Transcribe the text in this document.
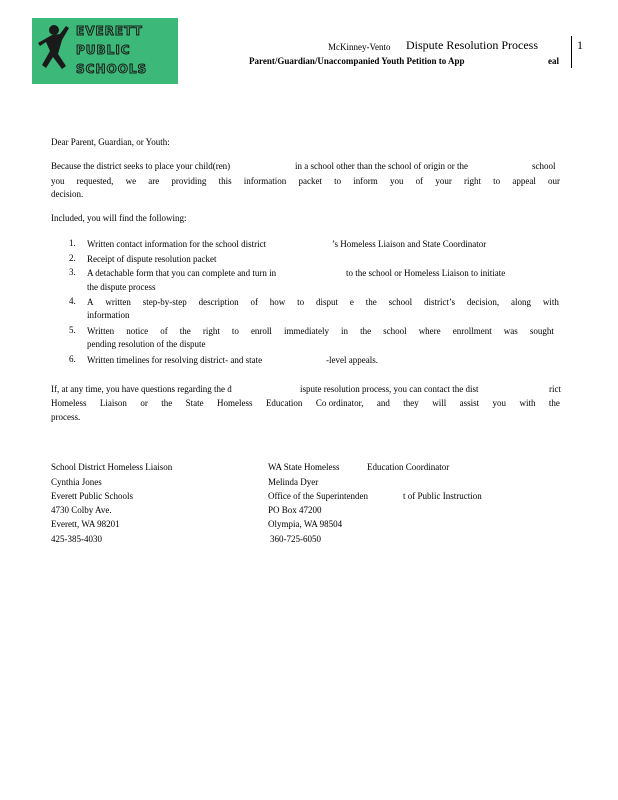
EVERETT
PUBLIC
SCHOOLS
McKinney-Vento Dispute Resolution Process	1
Parent/Guardian/Unaccompanied Youth Petition to App	eal
Dear Parent, Guardian, or Youth:
Because the district seeks to place your child(ren)	in a school other than the school of origin or the	school
you requested, we are providing this information packet to inform you of your right to appeal our
decision.
Included, you will find the following:
1. Written contact information for the school district	’s Homeless Liaison and State Coordinator
2. Receipt of dispute resolution packet
3. A detachable form that you can complete and turn in	to the school or Homeless Liaison to initiate
the dispute process
4. A written step-by-step description of how to disput e the school district’s decision, along with
information
5. Written notice of the right to enroll immediately in the school where enrollment was sought
pending resolution of the dispute
6. Written timelines for resolving district- and state	-level appeals.
If, at any time, you have questions regarding the d	ispute resolution process, you can contact the dist	rict
Homeless Liaison or the State Homeless Education Co ordinator, and they will assist you with the
process.
School District Homeless Liaison
Cynthia Jones
Everett Public Schools
4730 Colby Ave.
Everett, WA 98201
425-385-4030
WA State Homeless	Education Coordinator
Melinda Dyer
Office of the Superintenden	t of Public Instruction
PO Box 47200
Olympia, WA 98504
360-725-6050
